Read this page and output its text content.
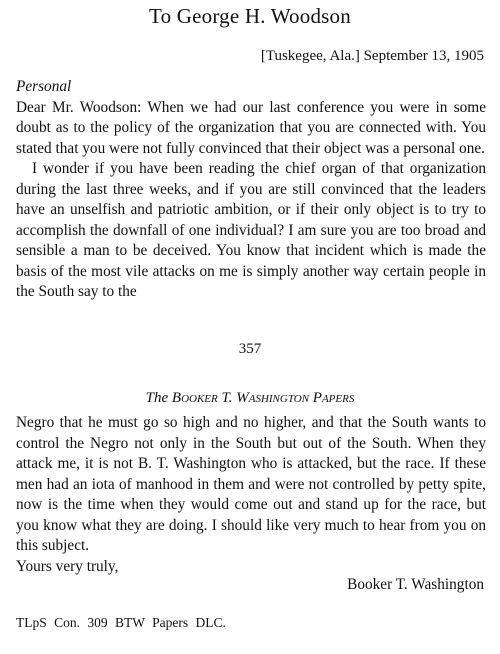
To George H. Woodson
[Tuskegee, Ala.] September 13, 1905

Personal

Dear Mr. Woodson: When we had our last conference you were in some doubt as to the policy of the organization that you are connected with. You stated that you were not fully convinced that their object was a personal one.

I wonder if you have been reading the chief organ of that organization during the last three weeks, and if you are still convinced that the leaders have an unselfish and patriotic ambition, or if their only object is to try to accomplish the downfall of one individual? I am sure you are too broad and sensible a man to be deceived. You know that incident which is made the basis of the most vile attacks on me is simply another way certain people in the South say to the

357
The Booker T. Washington Papers

Negro that he must go so high and no higher, and that the South wants to control the Negro not only in the South but out of the South. When they attack me, it is not B. T. Washington who is attacked, but the race. If these men had an iota of manhood in them and were not controlled by petty spite, now is the time when they would come out and stand up for the race, but you know what they are doing. I should like very much to hear from you on this subject.

Yours very truly,

Booker T. Washington
TLpS Con. 309 BTW Papers DLC.
